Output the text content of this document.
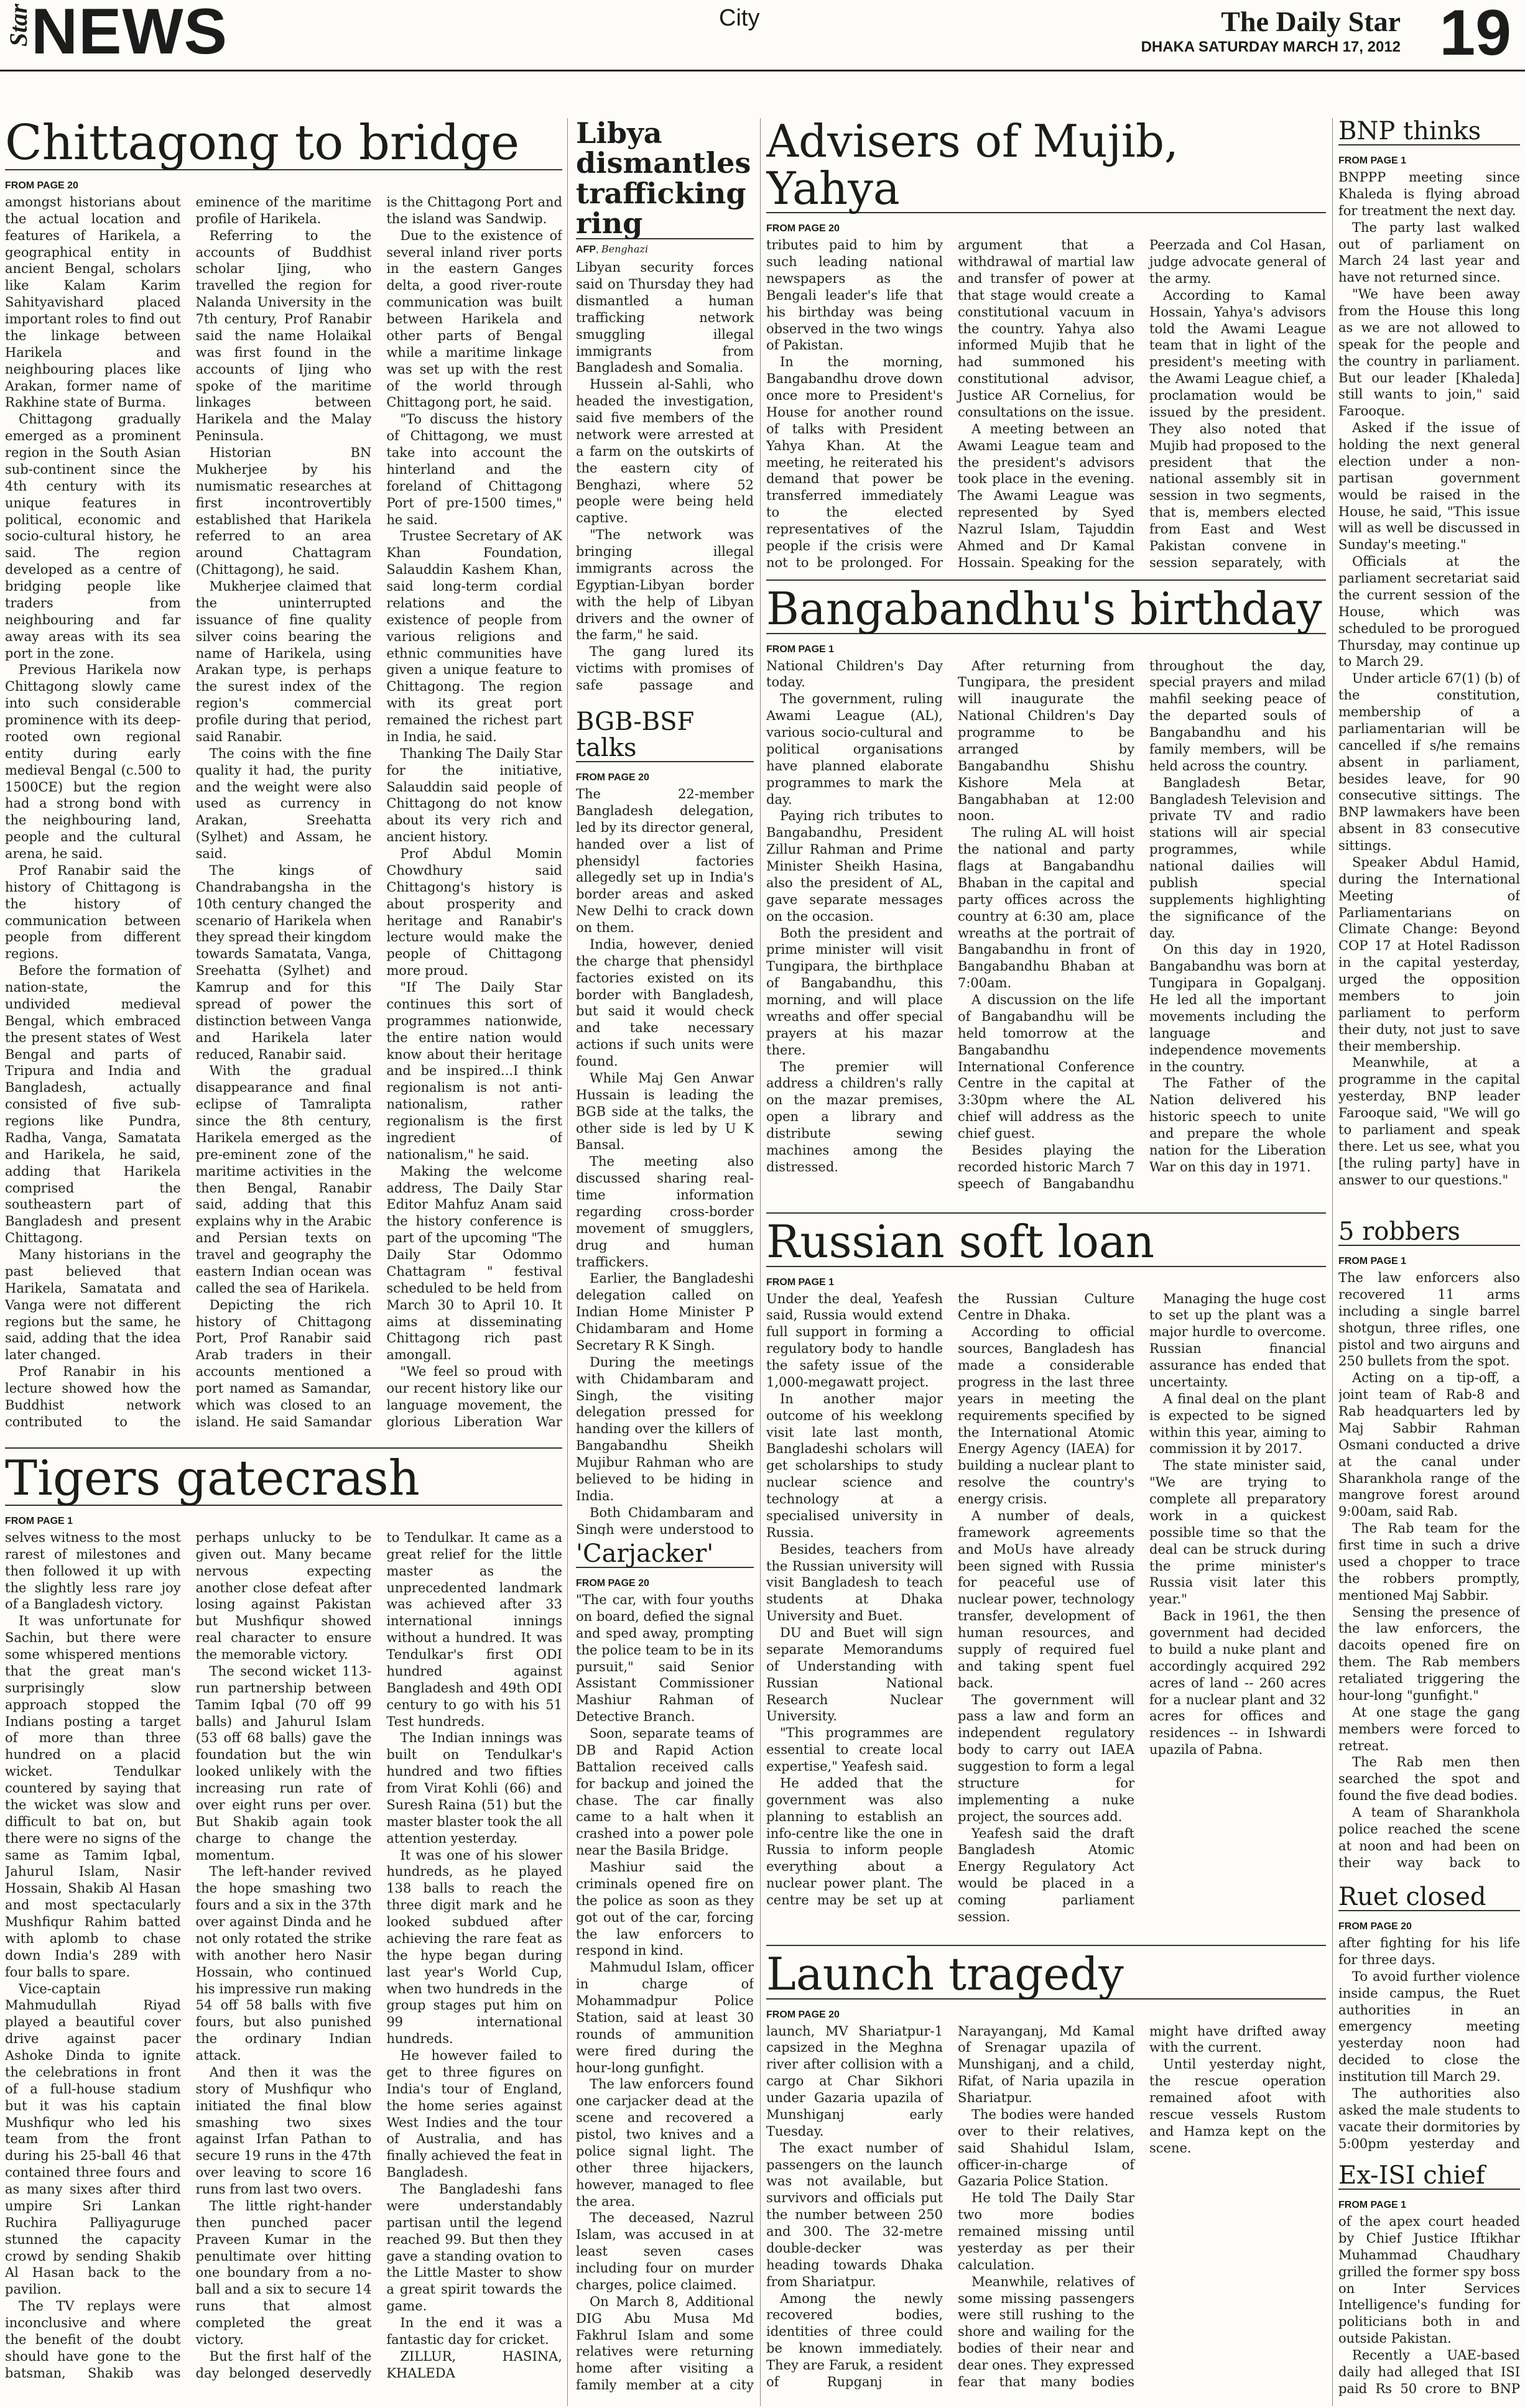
Star
NEWS	City	The Daily Star
DHAKA SATURDAY MARCH 17, 2012 19
Chittagong to bridge
FROM PAGE 20

amongst historians about the actual location and features of Harikela, a geographical entity in ancient Bengal, scholars like Kalam Karim Sahityavishard placed important roles to find out the linkage between Harikela and neighbouring places like Arakan, former name of Rakhine state of Burma.

Chittagong gradually emerged as a prominent region in the South Asian sub-continent since the 4th century with its unique features in political, economic and socio-cultural history, he said. The region developed as a centre of bridging people like traders from neighbouring and far away areas with its sea port in the zone.

Previous Harikela now Chittagong slowly came into such considerable prominence with its deep-rooted own regional entity during early medieval Bengal (c.500 to 1500CE) but the region had a strong bond with the neighbouring land, people and the cultural arena, he said.

Prof Ranabir said the history of Chittagong is the history of communication between people from different regions.

Before the formation of nation-state, the undivided medieval Bengal, which embraced the present states of West Bengal and parts of Tripura and India and Bangladesh, actually consisted of five sub-regions like Pundra, Radha, Vanga, Samatata and Harikela, he said, adding that Harikela comprised the southeastern part of Bangladesh and present Chittagong.

Many historians in the past believed that Harikela, Samatata and Vanga were not different regions but the same, he said, adding that the idea later changed.

Prof Ranabir in his lecture showed how the Buddhist network contributed to the eminence of the maritime profile of Harikela.

Referring to the accounts of Buddhist scholar Ijing, who travelled the region for Nalanda University in the 7th century, Prof Ranabir said the name Holaikal was first found in the accounts of Ijing who spoke of the maritime linkages between Harikela and the Malay Peninsula.

Historian BN Mukherjee by his numismatic researches at first incontrovertibly established that Harikela referred to an area around Chattagram (Chittagong), he said.

Mukherjee claimed that the uninterrupted issuance of fine quality silver coins bearing the name of Harikela, using Arakan type, is perhaps the surest index of the region's commercial profile during that period, said Ranabir.

The coins with the fine quality it had, the purity and the weight were also used as currency in Arakan, Sreehatta (Sylhet) and Assam, he said.

The kings of Chandrabangsha in the 10th century changed the scenario of Harikela when they spread their kingdom towards Samatata, Vanga, Sreehatta (Sylhet) and Kamrup and for this spread of power the distinction between Vanga and Harikela later reduced, Ranabir said.

With the gradual disappearance and final eclipse of Tamralipta since the 8th century, Harikela emerged as the pre-eminent zone of the maritime activities in the then Bengal, Ranabir said, adding that this explains why in the Arabic and Persian texts on travel and geography the eastern Indian ocean was called the sea of Harikela.

Depicting the rich history of Chittagong Port, Prof Ranabir said Arab traders in their accounts mentioned a port named as Samandar, which was closed to an island. He said Samandar is the Chittagong Port and the island was Sandwip.

Due to the existence of several inland river ports in the eastern Ganges delta, a good river-route communication was built between Harikela and other parts of Bengal while a maritime linkage was set up with the rest of the world through Chittagong port, he said.

"To discuss the history of Chittagong, we must take into account the hinterland and the foreland of Chittagong Port of pre-1500 times," he said.

Trustee Secretary of AK Khan Foundation, Salauddin Kashem Khan, said long-term cordial relations and the existence of people from various religions and ethnic communities have given a unique feature to Chittagong. The region with its great port remained the richest part in India, he said.

Thanking The Daily Star for the initiative, Salauddin said people of Chittagong do not know about its very rich and ancient history.

Prof Abdul Momin Chowdhury said Chittagong's history is about prosperity and heritage and Ranabir's lecture would make the people of Chittagong more proud.

"If The Daily Star continues this sort of programmes nationwide, the entire nation would know about their heritage and be inspired...I think regionalism is not anti-nationalism, rather regionalism is the first ingredient of nationalism," he said.

Making the welcome address, The Daily Star Editor Mahfuz Anam said the history conference is part of the upcoming "The Daily Star Odommo Chattagram " festival scheduled to be held from March 30 to April 10. It aims at disseminating Chittagong rich past amongall.

"We feel so proud with our recent history like our language movement, the glorious Liberation War

Tigers gatecrash
FROM PAGE 1

selves witness to the most rarest of milestones and then followed it up with the slightly less rare joy of a Bangladesh victory.

It was unfortunate for Sachin, but there were some whispered mentions that the great man's surprisingly slow approach stopped the Indians posting a target of more than three hundred on a placid wicket. Tendulkar countered by saying that the wicket was slow and difficult to bat on, but there were no signs of the same as Tamim Iqbal, Jahurul Islam, Nasir Hossain, Shakib Al Hasan and most spectacularly Mushfiqur Rahim batted with aplomb to chase down India's 289 with four balls to spare.

Vice-captain Mahmudullah Riyad played a beautiful cover drive against pacer Ashoke Dinda to ignite the celebrations in front of a full-house stadium but it was his captain Mushfiqur who led his team from the front during his 25-ball 46 that contained three fours and as many sixes after third umpire Sri Lankan Ruchira Palliyaguruge stunned the capacity crowd by sending Shakib Al Hasan back to the pavilion.

The TV replays were inconclusive and where the benefit of the doubt should have gone to the batsman, Shakib was perhaps unlucky to be given out. Many became nervous expecting another close defeat after losing against Pakistan but Mushfiqur showed real character to ensure the memorable victory.

The second wicket 113-run partnership between Tamim Iqbal (70 off 99 balls) and Jahurul Islam (53 off 68 balls) gave the foundation but the win looked unlikely with the increasing run rate of over eight runs per over. But Shakib again took charge to change the momentum.

The left-hander revived the hope smashing two fours and a six in the 37th over against Dinda and he not only rotated the strike with another hero Nasir Hossain, who continued his impressive run making 54 off 58 balls with five fours, but also punished the ordinary Indian attack.

And then it was the story of Mushfiqur who initiated the final blow smashing two sixes against Irfan Pathan to secure 19 runs in the 47th over leaving to score 16 runs from last two overs.

The little right-hander then punched pacer Praveen Kumar in the penultimate over hitting one boundary from a no-ball and a six to secure 14 runs that almost completed the great victory.

But the first half of the day belonged deservedly to Tendulkar. It came as a great relief for the little master as the unprecedented landmark was achieved after 33 international innings without a hundred. It was Tendulkar's first ODI hundred against Bangladesh and 49th ODI century to go with his 51 Test hundreds.

The Indian innings was built on Tendulkar's hundred and two fifties from Virat Kohli (66) and Suresh Raina (51) but the master blaster took the all attention yesterday.

It was one of his slower hundreds, as he played 138 balls to reach the three digit mark and he looked subdued after achieving the rare feat as the hype began during last year's World Cup, when two hundreds in the group stages put him on 99 international hundreds.

He however failed to get to three figures on India's tour of England, the home series against West Indies and the tour of Australia, and has finally achieved the feat in Bangladesh.

The Bangladeshi fans were understandably partisan until the legend reached 99. But then they gave a standing ovation to the Little Master to show a great spirit towards the game.

In the end it was a fantastic day for cricket.

ZILLUR, HASINA, KHALEDA

Libya dismantles trafficking ring
AFP, Benghazi

Libyan security forces said on Thursday they had dismantled a human trafficking network smuggling illegal immigrants from Bangladesh and Somalia.

Hussein al-Sahli, who headed the investigation, said five members of the network were arrested at a farm on the outskirts of the eastern city of Benghazi, where 52 people were being held captive.

"The network was bringing illegal immigrants across the Egyptian-Libyan border with the help of Libyan drivers and the owner of the farm," he said.

The gang lured its victims with promises of safe passage and

BGB-BSF talks
FROM PAGE 20

The 22-member Bangladesh delegation, led by its director general, handed over a list of phensidyl factories allegedly set up in India's border areas and asked New Delhi to crack down on them.

India, however, denied the charge that phensidyl factories existed on its border with Bangladesh, but said it would check and take necessary actions if such units were found.

While Maj Gen Anwar Hussain is leading the BGB side at the talks, the other side is led by U K Bansal.

The meeting also discussed sharing real-time information regarding cross-border movement of smugglers, drug and human traffickers.

Earlier, the Bangladeshi delegation called on Indian Home Minister P Chidambaram and Home Secretary R K Singh.

During the meetings with Chidambaram and Singh, the visiting delegation pressed for handing over the killers of Bangabandhu Sheikh Mujibur Rahman who are believed to be hiding in India.

Both Chidambaram and Singh were understood to

'Carjacker'
FROM PAGE 20

"The car, with four youths on board, defied the signal and sped away, prompting the police team to be in its pursuit," said Senior Assistant Commissioner Mashiur Rahman of Detective Branch.

Soon, separate teams of DB and Rapid Action Battalion received calls for backup and joined the chase. The car finally came to a halt when it crashed into a power pole near the Basila Bridge.

Mashiur said the criminals opened fire on the police as soon as they got out of the car, forcing the law enforcers to respond in kind.

Mahmudul Islam, officer in charge of Mohammadpur Police Station, said at least 30 rounds of ammunition were fired during the hour-long gunfight.

The law enforcers found one carjacker dead at the scene and recovered a pistol, two knives and a police signal light. The other three hijackers, however, managed to flee the area.

The deceased, Nazrul Islam, was accused in at least seven cases including four on murder charges, police claimed.

On March 8, Additional DIG Abu Musa Md Fakhrul Islam and some relatives were returning home after visiting a family member at a city

Advisers of Mujib, Yahya
FROM PAGE 20

tributes paid to him by such leading national newspapers as the Bengali leader's life that his birthday was being observed in the two wings of Pakistan.

In the morning, Bangabandhu drove down once more to President's House for another round of talks with President Yahya Khan. At the meeting, he reiterated his demand that power be transferred immediately to the elected representatives of the people if the crisis were not to be prolonged. For argument that a withdrawal of martial law and transfer of power at that stage would create a constitutional vacuum in the country. Yahya also informed Mujib that he had summoned his constitutional advisor, Justice AR Cornelius, for consultations on the issue.

A meeting between an Awami League team and the president's advisors took place in the evening. The Awami League was represented by Syed Nazrul Islam, Tajuddin Ahmed and Dr Kamal Hossain. Speaking for the Peerzada and Col Hasan, judge advocate general of the army.

According to Kamal Hossain, Yahya's advisors told the Awami League team that in light of the president's meeting with the Awami League chief, a proclamation would be issued by the president. They also noted that Mujib had proposed to the president that the national assembly sit in session in two segments, that is, members elected from East and West Pakistan convene in session separately, with

Bangabandhu's birthday
FROM PAGE 1

National Children's Day today.

The government, ruling Awami League (AL), various socio-cultural and political organisations have planned elaborate programmes to mark the day.

Paying rich tributes to Bangabandhu, President Zillur Rahman and Prime Minister Sheikh Hasina, also the president of AL, gave separate messages on the occasion.

Both the president and prime minister will visit Tungipara, the birthplace of Bangabandhu, this morning, and will place wreaths and offer special prayers at his mazar there.

The premier will address a children's rally on the mazar premises, open a library and distribute sewing machines among the distressed.

After returning from Tungipara, the president will inaugurate the National Children's Day programme to be arranged by Bangabandhu Shishu Kishore Mela at Bangabhaban at 12:00 noon.

The ruling AL will hoist the national and party flags at Bangabandhu Bhaban in the capital and party offices across the country at 6:30 am, place wreaths at the portrait of Bangabandhu in front of Bangabandhu Bhaban at 7:00am.

A discussion on the life of Bangabandhu will be held tomorrow at the Bangabandhu International Conference Centre in the capital at 3:30pm where the AL chief will address as the chief guest.

Besides playing the recorded historic March 7 speech of Bangabandhu throughout the day, special prayers and milad mahfil seeking peace of the departed souls of Bangabandhu and his family members, will be held across the country.

Bangladesh Betar, Bangladesh Television and private TV and radio stations will air special programmes, while national dailies will publish special supplements highlighting the significance of the day.

On this day in 1920, Bangabandhu was born at Tungipara in Gopalganj. He led all the important movements including the language and independence movements in the country.

The Father of the Nation delivered his historic speech to unite and prepare the whole nation for the Liberation War on this day in 1971.

Russian soft loan
FROM PAGE 1

Under the deal, Yeafesh said, Russia would extend full support in forming a regulatory body to handle the safety issue of the 1,000-megawatt project.

In another major outcome of his weeklong visit late last month, Bangladeshi scholars will get scholarships to study nuclear science and technology at a specialised university in Russia.

Besides, teachers from the Russian university will visit Bangladesh to teach students at Dhaka University and Buet.

DU and Buet will sign separate Memorandums of Understanding with Russian National Research Nuclear University.

"This programmes are essential to create local expertise," Yeafesh said.

He added that the government was also planning to establish an info-centre like the one in Russia to inform people everything about a nuclear power plant. The centre may be set up at the Russian Culture Centre in Dhaka.

According to official sources, Bangladesh has made a considerable progress in the last three years in meeting the requirements specified by the International Atomic Energy Agency (IAEA) for building a nuclear plant to resolve the country's energy crisis.

A number of deals, framework agreements and MoUs have already been signed with Russia for peaceful use of nuclear power, technology transfer, development of human resources, and supply of required fuel and taking spent fuel back.

The government will pass a law and form an independent regulatory body to carry out IAEA suggestion to form a legal structure for implementing a nuke project, the sources add.

Yeafesh said the draft Bangladesh Atomic Energy Regulatory Act would be placed in a coming parliament session.

Managing the huge cost to set up the plant was a major hurdle to overcome. Russian financial assurance has ended that uncertainty.

A final deal on the plant is expected to be signed within this year, aiming to commission it by 2017.

The state minister said, "We are trying to complete all preparatory work in a quickest possible time so that the deal can be struck during the prime minister's Russia visit later this year."

Back in 1961, the then government had decided to build a nuke plant and accordingly acquired 292 acres of land -- 260 acres for a nuclear plant and 32 acres for offices and residences -- in Ishwardi upazila of Pabna.

Launch tragedy
FROM PAGE 20

launch, MV Shariatpur-1 capsized in the Meghna river after collision with a cargo at Char Sikhori under Gazaria upazila of Munshiganj early Tuesday.

The exact number of passengers on the launch was not available, but survivors and officials put the number between 250 and 300. The 32-metre double-decker was heading towards Dhaka from Shariatpur.

Among the newly recovered bodies, identities of three could be known immediately. They are Faruk, a resident of Rupganj in Narayanganj, Md Kamal of Srenagar upazila of Munshiganj, and a child, Rifat, of Naria upazila in Shariatpur.

The bodies were handed over to their relatives, said Shahidul Islam, officer-in-charge of Gazaria Police Station.

He told The Daily Star two more bodies remained missing until yesterday as per their calculation.

Meanwhile, relatives of some missing passengers were still rushing to the shore and wailing for the bodies of their near and dear ones. They expressed fear that many bodies might have drifted away with the current.

Until yesterday night, the rescue operation remained afoot with rescue vessels Rustom and Hamza kept on the scene.

BNP thinks
FROM PAGE 1

BNPPP meeting since Khaleda is flying abroad for treatment the next day.

The party last walked out of parliament on March 24 last year and have not returned since.

"We have been away from the House this long as we are not allowed to speak for the people and the country in parliament. But our leader [Khaleda] still wants to join," said Farooque.

Asked if the issue of holding the next general election under a non-partisan government would be raised in the House, he said, "This issue will as well be discussed in Sunday's meeting."

Officials at the parliament secretariat said the current session of the House, which was scheduled to be prorogued Thursday, may continue up to March 29.

Under article 67(1) (b) of the constitution, membership of a parliamentarian will be cancelled if s/he remains absent in parliament, besides leave, for 90 consecutive sittings. The BNP lawmakers have been absent in 83 consecutive sittings.

Speaker Abdul Hamid, during the International Meeting of Parliamentarians on Climate Change: Beyond COP 17 at Hotel Radisson in the capital yesterday, urged the opposition members to join parliament to perform their duty, not just to save their membership.

Meanwhile, at a programme in the capital yesterday, BNP leader Farooque said, "We will go to parliament and speak there. Let us see, what you [the ruling party] have in answer to our questions."

5 robbers
FROM PAGE 1

The law enforcers also recovered 11 arms including a single barrel shotgun, three rifles, one pistol and two airguns and 250 bullets from the spot.

Acting on a tip-off, a joint team of Rab-8 and Rab headquarters led by Maj Sabbir Rahman Osmani conducted a drive at the canal under Sharankhola range of the mangrove forest around 9:00am, said Rab.

The Rab team for the first time in such a drive used a chopper to trace the robbers promptly, mentioned Maj Sabbir.

Sensing the presence of the law enforcers, the dacoits opened fire on them. The Rab members retaliated triggering the hour-long "gunfight."

At one stage the gang members were forced to retreat.

The Rab men then searched the spot and found the five dead bodies.

A team of Sharankhola police reached the scene at noon and had been on their way back to

Ruet closed
FROM PAGE 20

after fighting for his life for three days.

To avoid further violence inside campus, the Ruet authorities in an emergency meeting yesterday noon had decided to close the institution till March 29.

The authorities also asked the male students to vacate their dormitories by 5:00pm yesterday and

Ex-ISI chief
FROM PAGE 1

of the apex court headed by Chief Justice Iftikhar Muhammad Chaudhary grilled the former spy boss on Inter Services Intelligence's funding for politicians both in and outside Pakistan.

Recently a UAE-based daily had alleged that ISI paid Rs 50 crore to BNP
